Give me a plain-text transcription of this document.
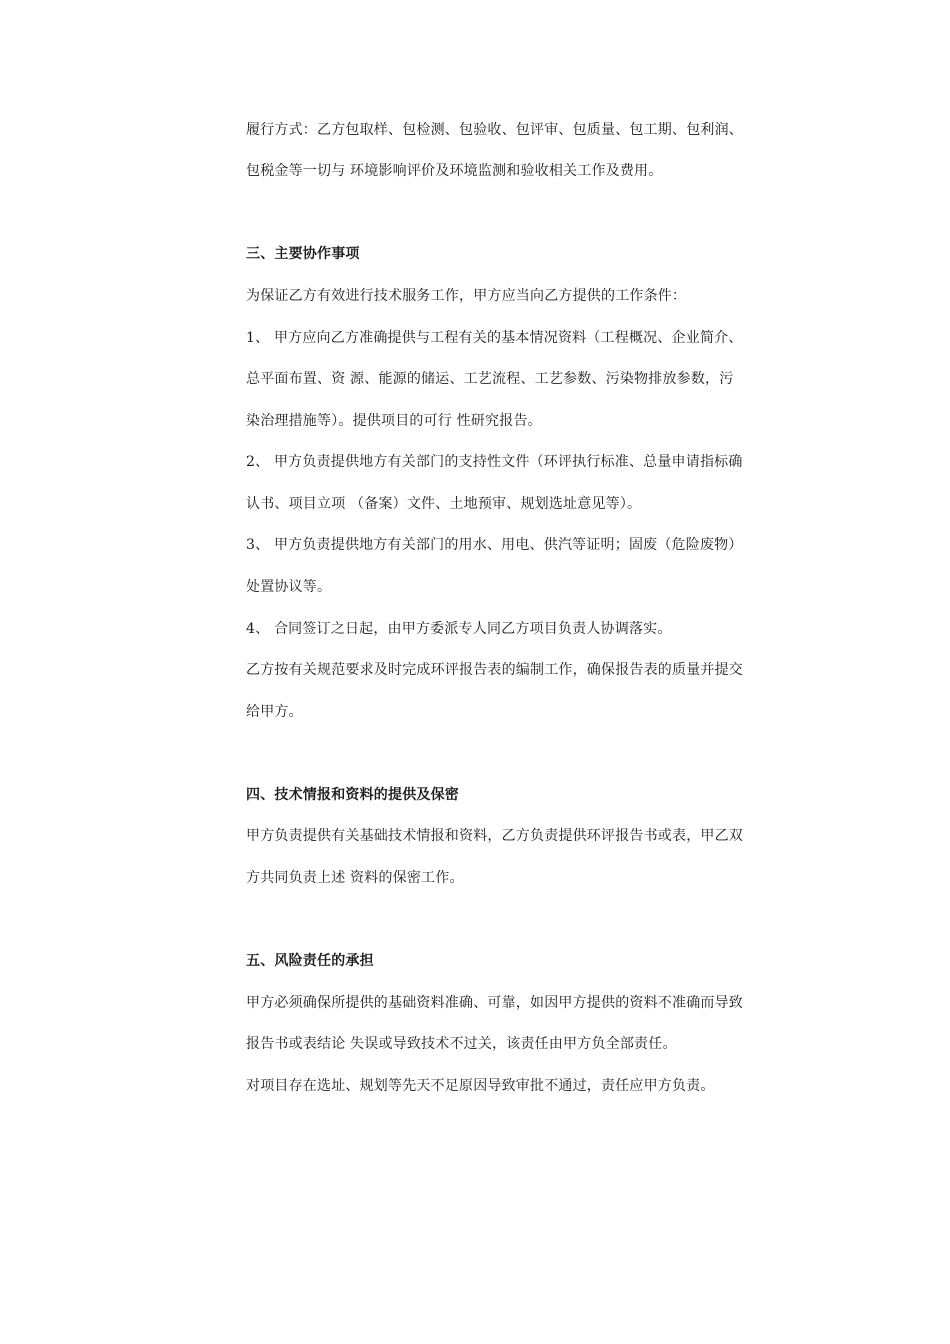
履行方式：乙方包取样、包检测、包验收、包评审、包质量、包工期、包利润、
包税金等一切与 环境影响评价及环境监测和验收相关工作及费用。
三、主要协作事项
为保证乙方有效进行技术服务工作，甲方应当向乙方提供的工作条件：
1、 甲方应向乙方准确提供与工程有关的基本情况资料（工程概况、企业简介、
总平面布置、资 源、能源的储运、工艺流程、工艺参数、污染物排放参数，污
染治理措施等）。提供项目的可行 性研究报告。
2、 甲方负责提供地方有关部门的支持性文件（环评执行标准、总量申请指标确
认书、项目立项 （备案）文件、土地预审、规划选址意见等）。
3、 甲方负责提供地方有关部门的用水、用电、供汽等证明；固废（危险废物）
处置协议等。
4、 合同签订之日起，由甲方委派专人同乙方项目负责人协调落实。
乙方按有关规范要求及时完成环评报告表的编制工作，确保报告表的质量并提交
给甲方。
四、技术情报和资料的提供及保密
甲方负责提供有关基础技术情报和资料，乙方负责提供环评报告书或表，甲乙双
方共同负责上述 资料的保密工作。
五、风险责任的承担
甲方必须确保所提供的基础资料准确、可靠，如因甲方提供的资料不准确而导致
报告书或表结论 失误或导致技术不过关，该责任由甲方负全部责任。
对项目存在选址、规划等先天不足原因导致审批不通过，责任应甲方负责。
